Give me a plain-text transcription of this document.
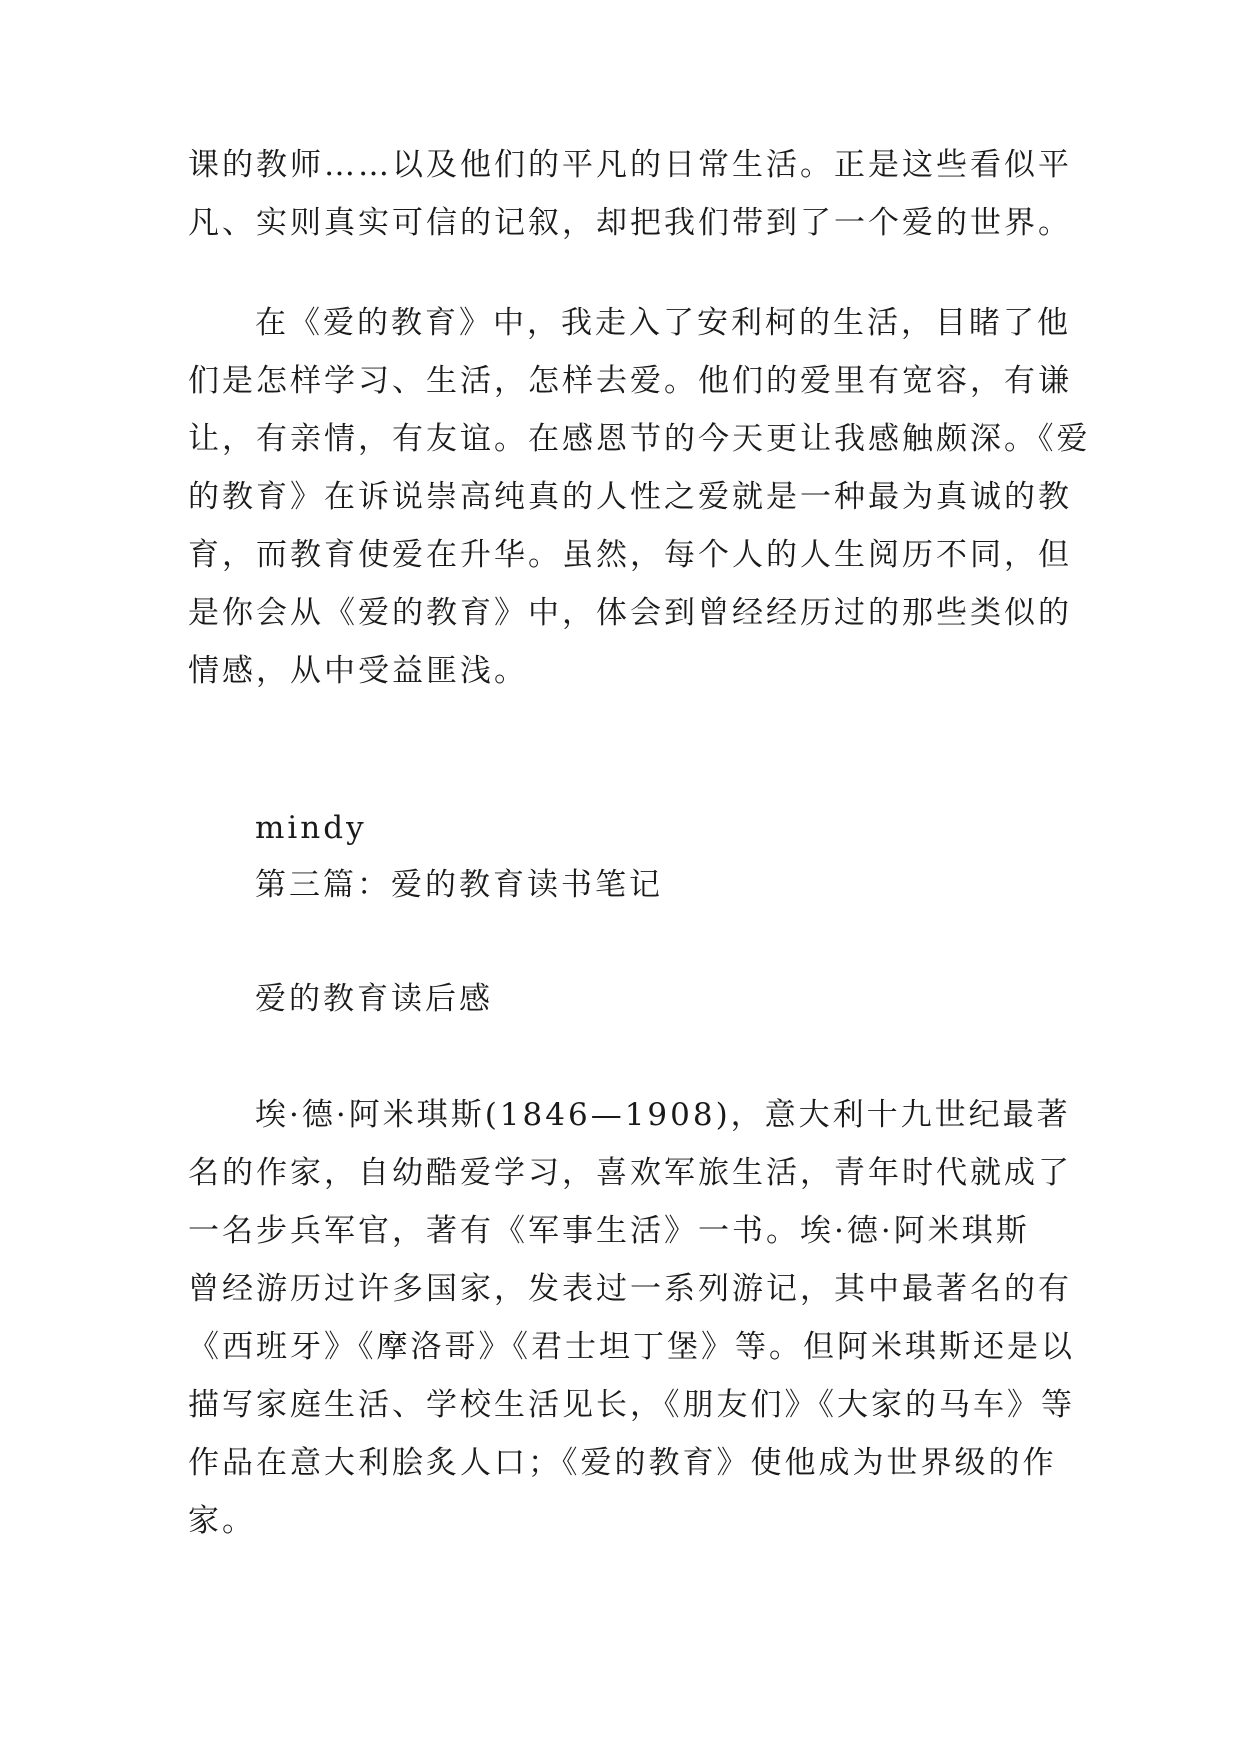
课的教师……以及他们的平凡的日常生活。正是这些看似平
凡、实则真实可信的记叙，却把我们带到了一个爱的世界。

在《爱的教育》中，我走入了安利柯的生活，目睹了他
们是怎样学习、生活，怎样去爱。他们的爱里有宽容，有谦
让，有亲情，有友谊。在感恩节的今天更让我感触颇深。《爱
的教育》在诉说崇高纯真的人性之爱就是一种最为真诚的教
育，而教育使爱在升华。虽然，每个人的人生阅历不同，但
是你会从《爱的教育》中，体会到曾经经历过的那些类似的
情感，从中受益匪浅。

mindy

第三篇：爱的教育读书笔记

爱的教育读后感

埃·德·阿米琪斯(1846—1908)，意大利十九世纪最著
名的作家，自幼酷爱学习，喜欢军旅生活，青年时代就成了
一名步兵军官，著有《军事生活》一书。埃·德·阿米琪斯
曾经游历过许多国家，发表过一系列游记，其中最著名的有
《西班牙》《摩洛哥》《君士坦丁堡》等。但阿米琪斯还是以
描写家庭生活、学校生活见长，《朋友们》《大家的马车》等
作品在意大利脍炙人口；《爱的教育》使他成为世界级的作
家。
